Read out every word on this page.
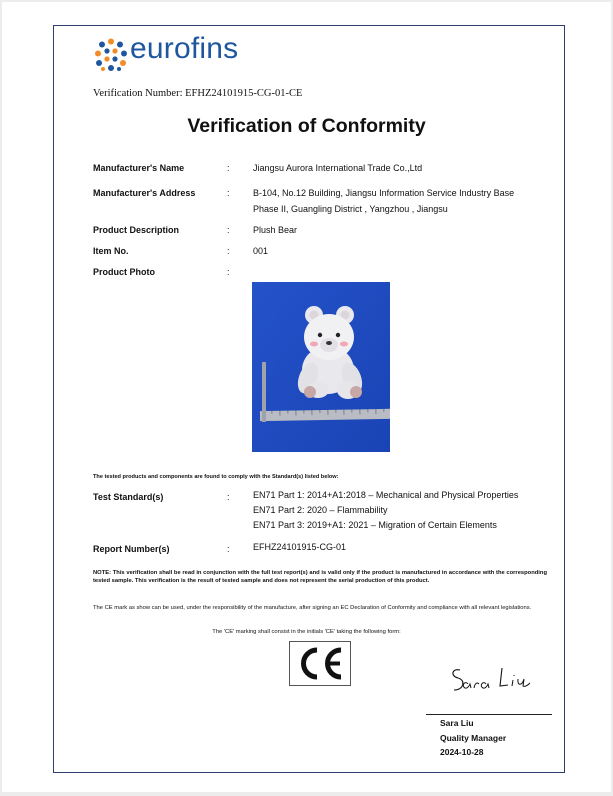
eurofins
Verification Number: EFHZ24101915-CG-01-CE
Verification of Conformity
Manufacturer's Name	:	Jiangsu Aurora International Trade Co.,Ltd
Manufacturer's Address	:	B-104, No.12 Building, Jiangsu Information Service Industry Base
Phase II, Guangling District , Yangzhou , Jiangsu
Product Description	:	Plush Bear
Item No.	:	001
Product Photo	:
The tested products and components are found to comply with the Standard(s) listed below:
Test Standard(s)	:	EN71 Part 1: 2014+A1:2018 – Mechanical and Physical Properties
EN71 Part 2: 2020 – Flammability
EN71 Part 3: 2019+A1: 2021 – Migration of Certain Elements
Report Number(s)	:	EFHZ24101915-CG-01
NOTE: This verification shall be read in conjunction with the full test report(s) and is valid only if the product is manufactured in accordance with the corresponding tested sample. This verification is the result of tested sample and does not represent the serial production of this product.
The CE mark as show can be used, under the responsibility of the manufacture, after signing an EC Declaration of Conformity and compliance with all relevant legislations.
The 'CE' marking shall consist in the initials 'CE' taking the following form:
Sara Liu
Quality Manager
2024-10-28
